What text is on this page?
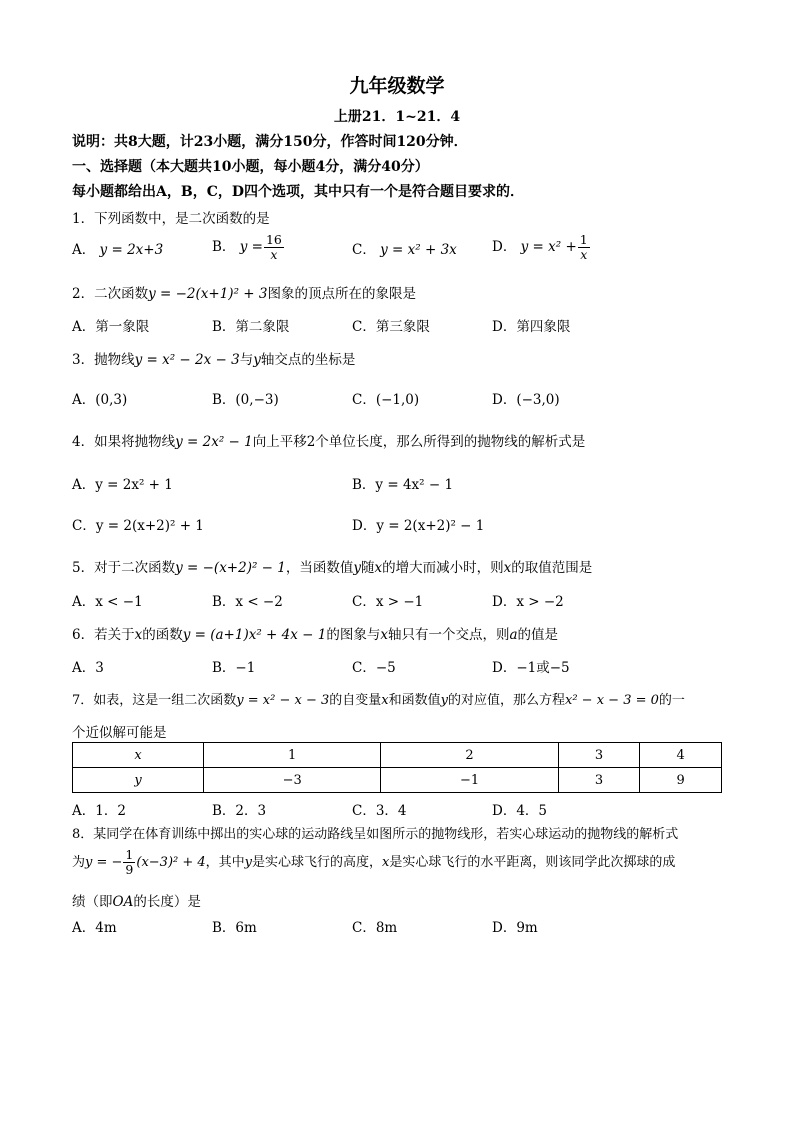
九年级数学
上册21．1~21．4
说明：共8大题，计23小题，满分150分，作答时间120分钟．
一、选择题（本大题共10小题，每小题4分，满分40分）
每小题都给出A，B，C，D四个选项，其中只有一个是符合题目要求的．
1．下列函数中，是二次函数的是
A． y = 2x+3	B． $y = \frac{16}{x}$	C． y = x² + 3x	D． $y = x^2 + \frac{1}{x}$
2．二次函数y = −2(x+1)² + 3图象的顶点所在的象限是
A．第一象限	B．第二象限	C．第三象限	D．第四象限
3．抛物线y = x² − 2x − 3与y轴交点的坐标是
A．(0,3)	B．(0,−3)	C．(−1,0)	D．(−3,0)
4．如果将抛物线y = 2x² − 1向上平移2个单位长度，那么所得到的抛物线的解析式是
A．y = 2x² + 1	B．y = 4x² − 1
C．y = 2(x+2)² + 1	D．y = 2(x+2)² − 1
5．对于二次函数y = −(x+2)² − 1，当函数值y随x的增大而减小时，则x的取值范围是
A．x < −1	B．x < −2	C．x > −1	D．x > −2
6．若关于x的函数y = (a+1)x² + 4x − 1的图象与x轴只有一个交点，则a的值是
A．3	B．−1	C．−5	D．−1或−5
7．如表，这是一组二次函数y = x² − x − 3的自变量x和函数值y的对应值，那么方程x² − x − 3 = 0的一
个近似解可能是
x	1	2	3	4
y	−3	−1	3	9
A．1．2	B．2．3	C．3．4	D．4．5
8．某同学在体育训练中掷出的实心球的运动路线呈如图所示的抛物线形，若实心球运动的抛物线的解析式
为y = − $\frac{1}{9} (x-3)^2 + 4$，其中y是实心球飞行的高度，x是实心球飞行的水平距离，则该同学此次掷球的成
绩（即OA的长度）是
A．4m	B．6m	C．8m	D．9m
